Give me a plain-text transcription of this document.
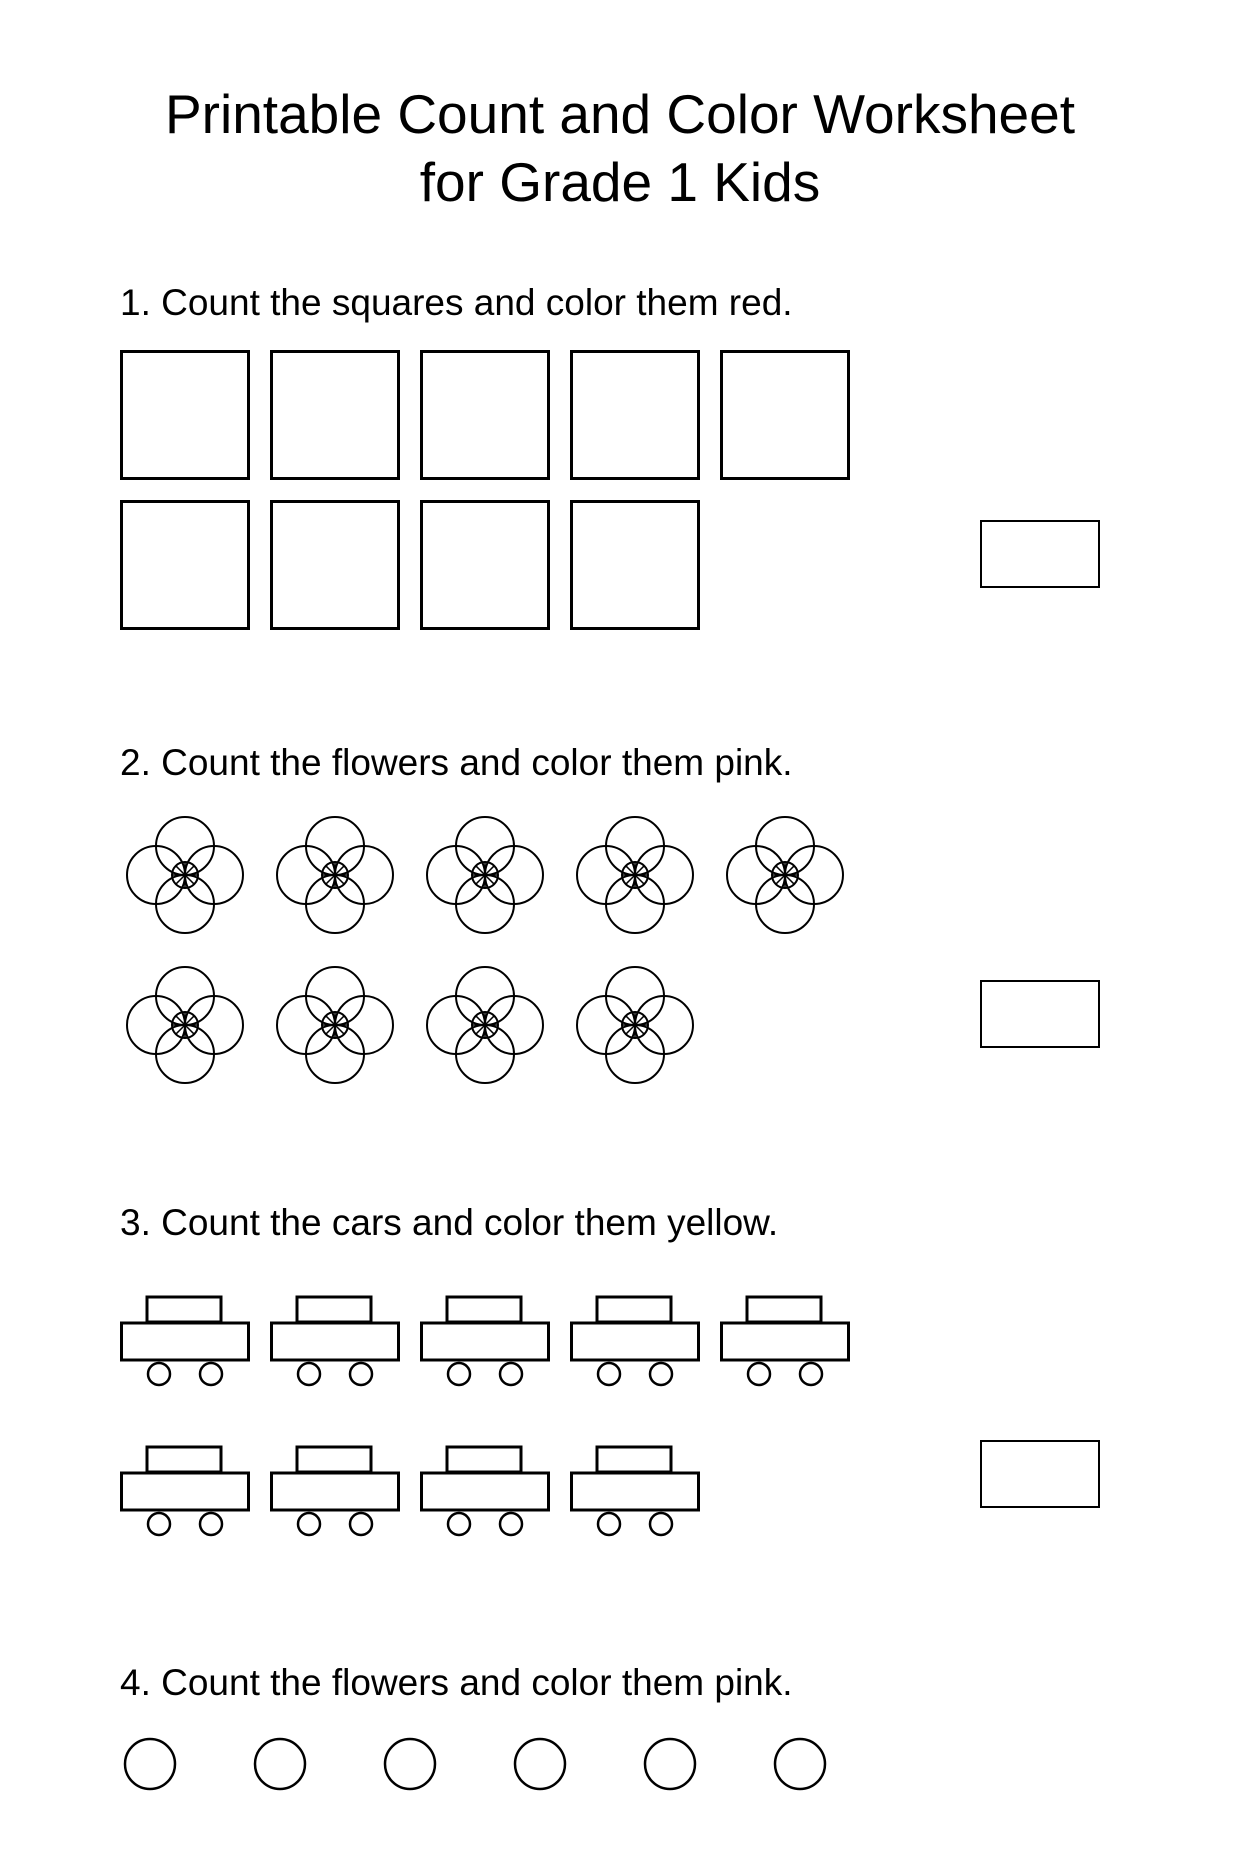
Printable Count and Color Worksheet
for Grade 1 Kids

1. Count the squares and color them red.

2. Count the flowers and color them pink.

3. Count the cars and color them yellow.

4. Count the flowers and color them pink.
